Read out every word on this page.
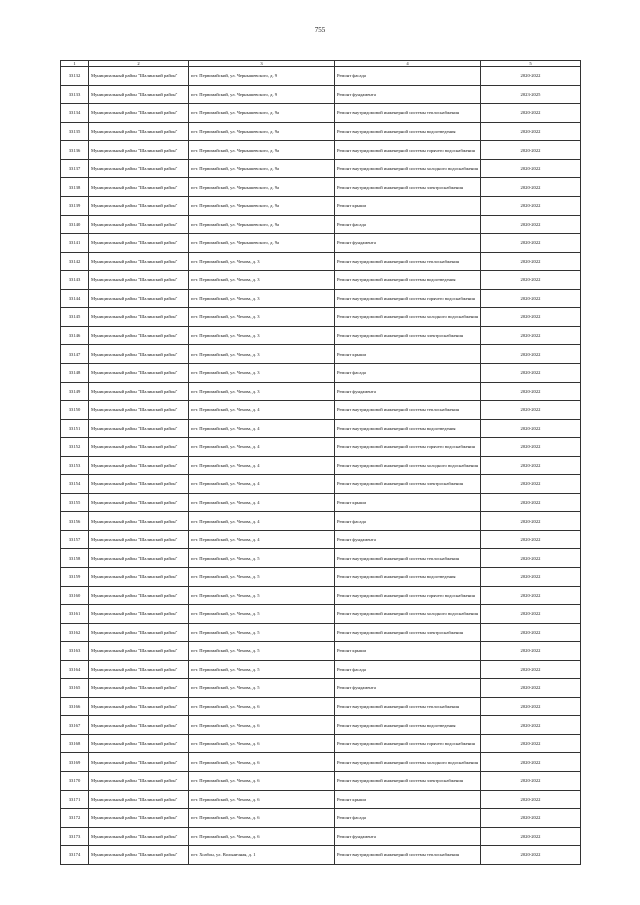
755
1	2	3	4	5
33132	Муниципальный район "Шалинский район"	пгт. Первомайский, ул. Чернышевского, д. 9	Ремонт фасада	2020-2022
33133	Муниципальный район "Шалинский район"	пгт. Первомайский, ул. Чернышевского, д. 9	Ремонт фундамента	2023-2025
33134	Муниципальный район "Шалинский район"	пгт. Первомайский, ул. Чернышевского, д. 9а	Ремонт внутридомовой инженерной системы теплоснабжения	2020-2022
33135	Муниципальный район "Шалинский район"	пгт. Первомайский, ул. Чернышевского, д. 9а	Ремонт внутридомовой инженерной системы водоотведения	2020-2022
33136	Муниципальный район "Шалинский район"	пгт. Первомайский, ул. Чернышевского, д. 9а	Ремонт внутридомовой инженерной системы горячего водоснабжения	2020-2022
33137	Муниципальный район "Шалинский район"	пгт. Первомайский, ул. Чернышевского, д. 9а	Ремонт внутридомовой инженерной системы холодного водоснабжения	2020-2022
33138	Муниципальный район "Шалинский район"	пгт. Первомайский, ул. Чернышевского, д. 9а	Ремонт внутридомовой инженерной системы электроснабжения	2020-2022
33139	Муниципальный район "Шалинский район"	пгт. Первомайский, ул. Чернышевского, д. 9а	Ремонт крыши	2020-2022
33140	Муниципальный район "Шалинский район"	пгт. Первомайский, ул. Чернышевского, д. 9а	Ремонт фасада	2020-2022
33141	Муниципальный район "Шалинский район"	пгт. Первомайский, ул. Чернышевского, д. 9а	Ремонт фундамента	2020-2022
33142	Муниципальный район "Шалинский район"	пгт. Первомайский, ул. Чехова, д. 3	Ремонт внутридомовой инженерной системы теплоснабжения	2020-2022
33143	Муниципальный район "Шалинский район"	пгт. Первомайский, ул. Чехова, д. 3	Ремонт внутридомовой инженерной системы водоотведения	2020-2022
33144	Муниципальный район "Шалинский район"	пгт. Первомайский, ул. Чехова, д. 3	Ремонт внутридомовой инженерной системы горячего водоснабжения	2020-2022
33145	Муниципальный район "Шалинский район"	пгт. Первомайский, ул. Чехова, д. 3	Ремонт внутридомовой инженерной системы холодного водоснабжения	2020-2022
33146	Муниципальный район "Шалинский район"	пгт. Первомайский, ул. Чехова, д. 3	Ремонт внутридомовой инженерной системы электроснабжения	2020-2022
33147	Муниципальный район "Шалинский район"	пгт. Первомайский, ул. Чехова, д. 3	Ремонт крыши	2020-2022
33148	Муниципальный район "Шалинский район"	пгт. Первомайский, ул. Чехова, д. 3	Ремонт фасада	2020-2022
33149	Муниципальный район "Шалинский район"	пгт. Первомайский, ул. Чехова, д. 3	Ремонт фундамента	2020-2022
33150	Муниципальный район "Шалинский район"	пгт. Первомайский, ул. Чехова, д. 4	Ремонт внутридомовой инженерной системы теплоснабжения	2020-2022
33151	Муниципальный район "Шалинский район"	пгт. Первомайский, ул. Чехова, д. 4	Ремонт внутридомовой инженерной системы водоотведения	2020-2022
33152	Муниципальный район "Шалинский район"	пгт. Первомайский, ул. Чехова, д. 4	Ремонт внутридомовой инженерной системы горячего водоснабжения	2020-2022
33153	Муниципальный район "Шалинский район"	пгт. Первомайский, ул. Чехова, д. 4	Ремонт внутридомовой инженерной системы холодного водоснабжения	2020-2022
33154	Муниципальный район "Шалинский район"	пгт. Первомайский, ул. Чехова, д. 4	Ремонт внутридомовой инженерной системы электроснабжения	2020-2022
33155	Муниципальный район "Шалинский район"	пгт. Первомайский, ул. Чехова, д. 4	Ремонт крыши	2020-2022
33156	Муниципальный район "Шалинский район"	пгт. Первомайский, ул. Чехова, д. 4	Ремонт фасада	2020-2022
33157	Муниципальный район "Шалинский район"	пгт. Первомайский, ул. Чехова, д. 4	Ремонт фундамента	2020-2022
33158	Муниципальный район "Шалинский район"	пгт. Первомайский, ул. Чехова, д. 5	Ремонт внутридомовой инженерной системы теплоснабжения	2020-2022
33159	Муниципальный район "Шалинский район"	пгт. Первомайский, ул. Чехова, д. 5	Ремонт внутридомовой инженерной системы водоотведения	2020-2022
33160	Муниципальный район "Шалинский район"	пгт. Первомайский, ул. Чехова, д. 5	Ремонт внутридомовой инженерной системы горячего водоснабжения	2020-2022
33161	Муниципальный район "Шалинский район"	пгт. Первомайский, ул. Чехова, д. 5	Ремонт внутридомовой инженерной системы холодного водоснабжения	2020-2022
33162	Муниципальный район "Шалинский район"	пгт. Первомайский, ул. Чехова, д. 5	Ремонт внутридомовой инженерной системы электроснабжения	2020-2022
33163	Муниципальный район "Шалинский район"	пгт. Первомайский, ул. Чехова, д. 5	Ремонт крыши	2020-2022
33164	Муниципальный район "Шалинский район"	пгт. Первомайский, ул. Чехова, д. 5	Ремонт фасада	2020-2022
33165	Муниципальный район "Шалинский район"	пгт. Первомайский, ул. Чехова, д. 5	Ремонт фундамента	2020-2022
33166	Муниципальный район "Шалинский район"	пгт. Первомайский, ул. Чехова, д. 6	Ремонт внутридомовой инженерной системы теплоснабжения	2020-2022
33167	Муниципальный район "Шалинский район"	пгт. Первомайский, ул. Чехова, д. 6	Ремонт внутридомовой инженерной системы водоотведения	2020-2022
33168	Муниципальный район "Шалинский район"	пгт. Первомайский, ул. Чехова, д. 6	Ремонт внутридомовой инженерной системы горячего водоснабжения	2020-2022
33169	Муниципальный район "Шалинский район"	пгт. Первомайский, ул. Чехова, д. 6	Ремонт внутридомовой инженерной системы холодного водоснабжения	2020-2022
33170	Муниципальный район "Шалинский район"	пгт. Первомайский, ул. Чехова, д. 6	Ремонт внутридомовой инженерной системы электроснабжения	2020-2022
33171	Муниципальный район "Шалинский район"	пгт. Первомайский, ул. Чехова, д. 6	Ремонт крыши	2020-2022
33172	Муниципальный район "Шалинский район"	пгт. Первомайский, ул. Чехова, д. 6	Ремонт фасада	2020-2022
33173	Муниципальный район "Шалинский район"	пгт. Первомайский, ул. Чехова, д. 6	Ремонт фундамента	2020-2022
33174	Муниципальный район "Шалинский район"	пгт. Хоабон, ул. Вольничная, д. 1	Ремонт внутридомовой инженерной системы теплоснабжения	2020-2022
